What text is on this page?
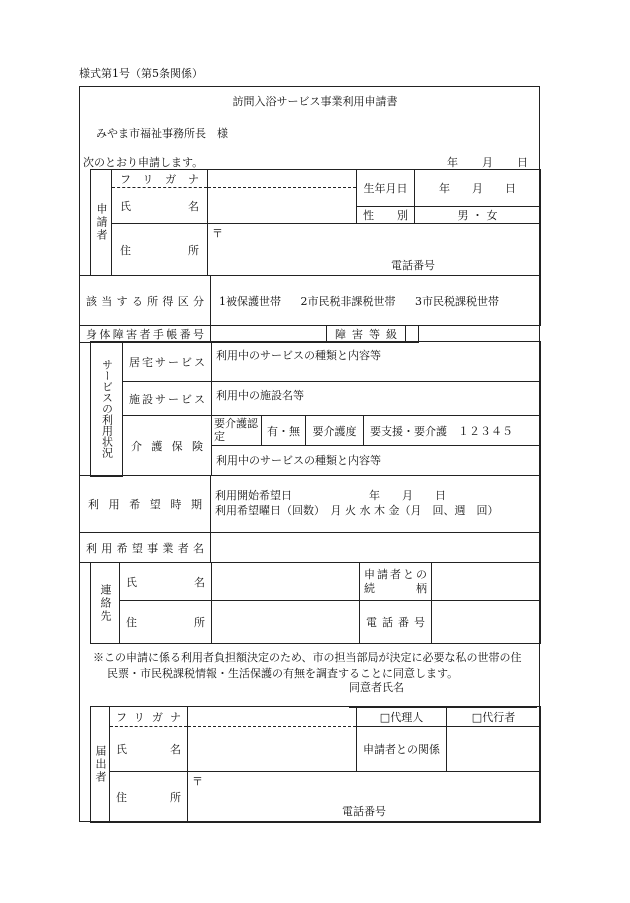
様式第1号（第5条関係）
訪問入浴サービス事業利用申請書
みやま市福祉事務所長　様
次のとおり申請します。	年 月 日
申請者	フリガナ		生年月日	年　　月　　日
	氏名			
			性別	男 ・ 女
	住所	〒
電話番号		
該当する所得区分	1被保護世帯 2市民税非課税世帯 3市民税課税世帯
身体障害者手帳番号		障害等級		
サービスの利用状況	居宅サービス	利用中のサービスの種類と内容等			
	施設サービス	利用中の施設名等			
	介護保険	要介護認定	有・無	要介護度	要支援・要介護　１２３４５
		利用中のサービスの種類と内容等			

利用希望時期	利用開始希望日　　　　　　　年　　月　　日
利用希望曜日（回数）　月 火 水 木 金（月　回、週　回）

利用希望事業者名	
連絡先	氏名		申請者との続柄	

	住所		電話番号	
※この申請に係る利用者負担額決定のため、市の担当部局が決定に必要な私の世帯の住
民票・市民税課税情報・生活保護の有無を調査することに同意します。
同意者氏名
届出者	フリガナ		□代理人	□代行者
	氏名		申請者との関係	
	住所	〒
電話番号		
